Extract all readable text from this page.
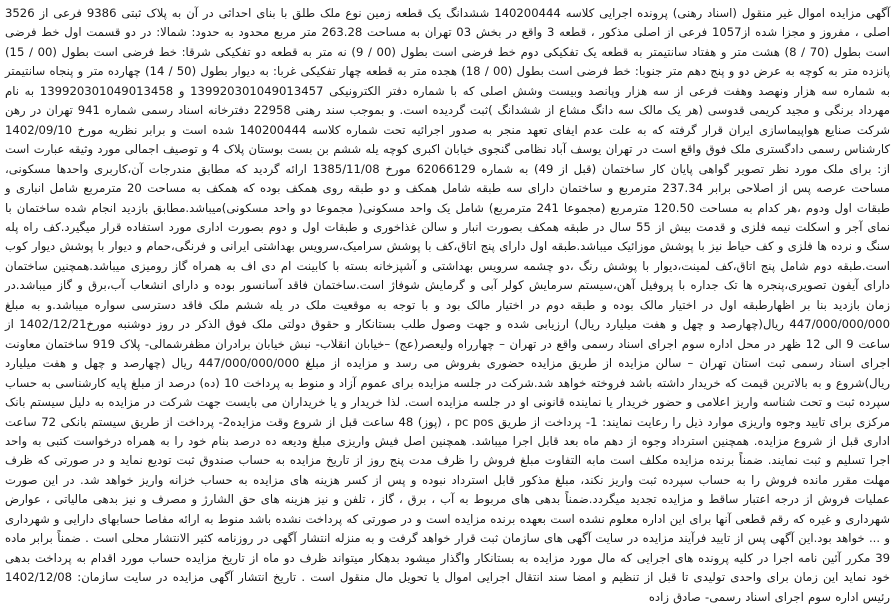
آگهی مزایده اموال غیر منقول (اسناد رهنی) پرونده اجرایی کلاسه 140200444 ششدانگ یک قطعه زمین نوع ملک طلق با بنای احداثی در آن به پلاک ثبتی 9386 فرعی از 3526 اصلی ، مفروز و مجزا شده از1057 فرعی از اصلی مذکور ، قطعه 3 واقع در بخش 03 تهران به مساحت 263.28 متر مربع محدود به حدود: شمالا: در دو قسمت اول خط فرضی است بطول (70 / 8) هشت متر و هفتاد سانتیمتر به قطعه یک تفکیکی دوم خط فرضی است بطول (00 / 9) نه متر به قطعه دو تفکیکی شرقا: خط فرضی است بطول (00 / 15) پانزده متر به کوچه به عرض دو و پنج دهم متر جنوبا: خط فرضی است بطول (00 / 18) هجده متر به قطعه چهار تفکیکی غربا: به دیوار بطول (50 / 14) چهارده متر و پنجاه سانتیمتر به شماره سه هزار ونهصد وهفت فرعی از سه هزار وپانصد وبیست وشش اصلی که با شماره دفتر الکترونیکی 139920301049013457 و 139920301049013458 به نام مهرداد برنگی و مجید کریمی قدوسی (هر یک مالک سه دانگ مشاع از ششدانگ )ثبت گردیده است. و بموجب سند رهنی 22958 دفترخانه اسناد رسمی شماره 941 تهران در رهن شرکت صنایع هواپیماسازی ایران قرار گرفته که به علت عدم ایفای تعهد منجر به صدور اجرائیه تحت شماره کلاسه 140200444 شده است و برابر نظریه مورخ 1402/09/10 کارشناس رسمی دادگستری ملک فوق واقع است در تهران یوسف آباد نظامی گنجوی خیابان اکبری کوچه یله ششم بن بست بوستان پلاک 4 و توصیف اجمالی مورد وثیقه عبارت است از: برای ملک مورد نظر تصویر گواهی پایان کار ساختمان (قبل از 49) به شماره 62066129 مورخ 1385/11/08 ارائه گردید که مطابق مندرجات آن،کاربری واحدها مسکونی، مساحت عرصه پس از اصلاحی برابر 237.34 مترمربع و ساختمان دارای سه طبقه شامل همکف و دو طبقه روی همکف بوده که همکف به مساحت 20 مترمربع شامل انباری و طبقات اول ودوم ،هر کدام به مساحت 120.50 مترمربع (مجموعا 241 مترمربع) شامل یک واحد مسکونی( مجموعا دو واحد مسکونی)میباشد.مطابق بازدید انجام شده ساختمان با نمای آجر و اسکلت نیمه فلزی و قدمت بیش از 55 سال در طبقه همکف بصورت انبار و سالن غذاخوری و طبقات اول و دوم بصورت اداری مورد استفاده قرار میگیرد.کف راه پله سنگ و نرده ها فلزی و کف حیاط نیز با پوشش موزائیک میباشد.طبقه اول دارای پنج اتاق،کف با پوشش سرامیک،سرویس بهداشتی ایرانی و فرنگی،حمام و دیوار با پوشش دیوار کوب است.طبقه دوم شامل پنج اتاق،کف لمینت،دیوار با پوشش رنگ ،دو چشمه سرویس بهداشتی و آشپزخانه بسته با کابینت ام دی اف به همراه گاز رومیزی میباشد.همچنین ساختمان دارای آیفون تصویری،پنجره ها تک جداره با پروفیل آهن،سیستم سرمایش کولر آبی و گرمایش شوفاژ است.ساختمان فاقد آسانسور بوده و دارای انشعاب آب،برق و گاز میباشد.در زمان بازدید بنا بر اظهارطبقه اول در اختیار مالک بوده و طبقه دوم در اختیار مالک بود و با توجه به موقعیت ملک در یله ششم ملک فاقد دسترسی سواره میباشد.و به مبلغ 447/000/000/000 ریال(چهارصد و چهل و هفت میلیارد ریال) ارزیابی شده و جهت وصول طلب بستانکار و حقوق دولتی ملک فوق الذکر در روز دوشنبه مورخ1402/12/21 از ساعت 9 الی 12 ظهر در محل اداره سوم اجرای اسناد رسمی واقع در تهران – چهارراه ولیعصر(عج) –خیابان انقلاب- نبش خیابان برادران مظفرشمالی- پلاک 919 ساختمان معاونت اجرای اسناد رسمی ثبت استان تهران – سالن مزایده از طریق مزایده حضوری بفروش می رسد و مزایده از مبلغ 447/000/000/000 ریال (چهارصد و چهل و هفت میلیارد ریال)شروع و به بالاترین قیمت که خریدار داشته باشد فروخته خواهد شد.شرکت در جلسه مزایده برای عموم آزاد و منوط به پرداخت 10 (ده) درصد از مبلغ پایه کارشناسی به حساب سپرده ثبت و تحت شناسه واریز اعلامی و حضور خریدار یا نماینده قانونی او در جلسه مزایده است. لذا خریدار و یا خریداران می بایست جهت شرکت در مزایده به دلیل سیستم بانک مرکزی برای تایید وجوه واریزی موارد ذیل را رعایت نمایند: 1- پرداخت از طریق pc pos ، (پوز) 48 ساعت قبل از شروع وقت مزایده2- پرداخت از طریق سیستم بانکی 72 ساعت اداری قبل از شروع مزایده. همچنین استرداد وجوه از دهم ماه بعد قابل اجرا میباشد. همچنین اصل فیش واریزی مبلغ ودیعه ده درصد بنام خود را به همراه درخواست کتبی به واحد اجرا تسلیم و ثبت نمایند. ضمناً برنده مزایده مکلف است مابه التفاوت مبلغ فروش را ظرف مدت پنج روز از تاریخ مزایده به حساب صندوق ثبت تودیع نماید و در صورتی که ظرف مهلت مقرر مانده فروش را به حساب سپرده ثبت واریز نکند، مبلغ مذکور قابل استرداد نبوده و پس از کسر هزینه های مزایده به حساب خزانه واریز خواهد شد. در این صورت عملیات فروش از درجه اعتبار ساقط و مزایده تجدید میگردد.ضمناً بدهی های مربوط به آب ، برق ، گاز ، تلفن و نیز هزینه های حق الشارژ و مصرف و نیز بدهی مالیاتی ، عوارض شهرداری و غیره که رقم قطعی آنها برای این اداره معلوم نشده است بعهده برنده مزایده است و در صورتی که پرداخت نشده باشد منوط به ارائه مفاصا حسابهای دارایی و شهرداری و ... خواهد بود.این آگهی پس از تایید فرآیند مزایده در سایت آگهی های سازمان ثبت قرار خواهد گرفت و به منزله انتشار آگهی در روزنامه کثیر الانتشار محلی است . ضمناً برابر ماده 39 مکرر آئین نامه اجرا در کلیه پرونده های اجرایی که مال مورد مزایده به بستانکار واگذار میشود بدهکار میتواند ظرف دو ماه از تاریخ مزایده حساب مورد اقدام به پرداخت بدهی خود نماید این زمان برای واحدی تولیدی تا قبل از تنظیم و امضا سند انتقال اجرایی اموال یا تحویل مال منقول است . تاریخ انتشار آگهی مزایده در سایت سازمان: 1402/12/08 رئیس اداره سوم اجرای اسناد رسمی- صادق زاده
